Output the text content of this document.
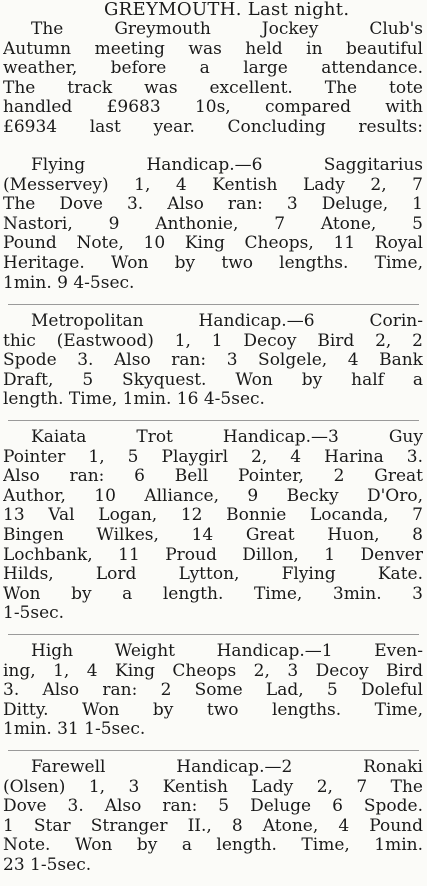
GREYMOUTH. Last night.
The Greymouth Jockey Club's
Autumn meeting was held in beautiful
weather, before a large attendance.
The track was excellent. The tote
handled £9683 10s, compared with
£6934 last year. Concluding results:
Flying Handicap.—6 Saggitarius
(Messervey) 1, 4 Kentish Lady 2, 7
The Dove 3. Also ran: 3 Deluge, 1
Nastori, 9 Anthonie, 7 Atone, 5
Pound Note, 10 King Cheops, 11 Royal
Heritage. Won by two lengths. Time,
1min. 9 4-5sec.
Metropolitan Handicap.—6 Corin-
thic (Eastwood) 1, 1 Decoy Bird 2, 2
Spode 3. Also ran: 3 Solgele, 4 Bank
Draft, 5 Skyquest. Won by half a
length. Time, 1min. 16 4-5sec.
Kaiata Trot Handicap.—3 Guy
Pointer 1, 5 Playgirl 2, 4 Harina 3.
Also ran: 6 Bell Pointer, 2 Great
Author, 10 Alliance, 9 Becky D'Oro,
13 Val Logan, 12 Bonnie Locanda, 7
Bingen Wilkes, 14 Great Huon, 8
Lochbank, 11 Proud Dillon, 1 Denver
Hilds, Lord Lytton, Flying Kate.
Won by a length. Time, 3min. 3
1-5sec.
High Weight Handicap.—1 Even-
ing, 1, 4 King Cheops 2, 3 Decoy Bird
3. Also ran: 2 Some Lad, 5 Doleful
Ditty. Won by two lengths. Time,
1min. 31 1-5sec.
Farewell Handicap.—2 Ronaki
(Olsen) 1, 3 Kentish Lady 2, 7 The
Dove 3. Also ran: 5 Deluge 6 Spode.
1 Star Stranger II., 8 Atone, 4 Pound
Note. Won by a length. Time, 1min.
23 1-5sec.
